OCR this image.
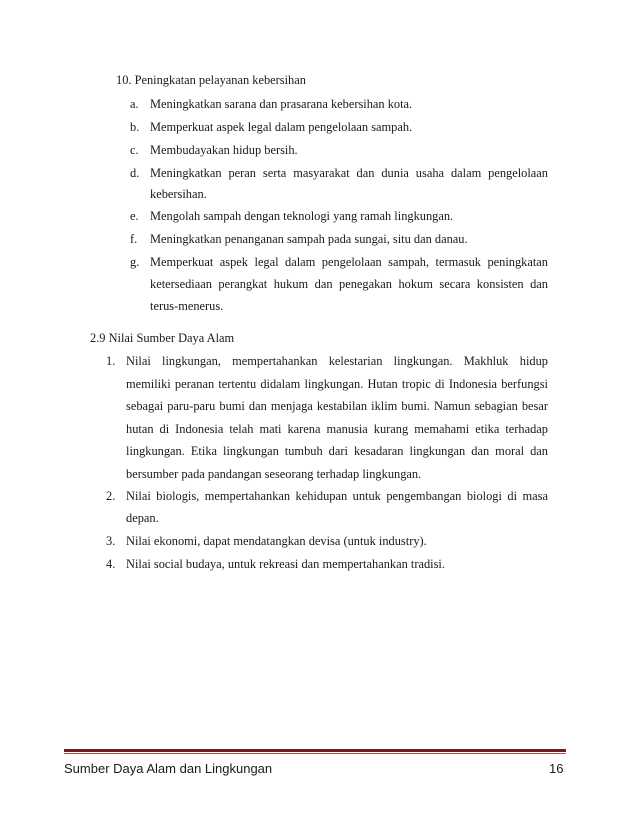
10. Peningkatan pelayanan kebersihan
a. Meningkatkan sarana dan prasarana kebersihan kota.
b. Memperkuat aspek legal dalam pengelolaan sampah.
c. Membudayakan hidup bersih.
d. Meningkatkan peran serta masyarakat dan dunia usaha dalam pengelolaan
kebersihan.
e. Mengolah sampah dengan teknologi yang ramah lingkungan.
f. Meningkatkan penanganan sampah pada sungai, situ dan danau.
g. Memperkuat aspek legal dalam pengelolaan sampah, termasuk peningkatan
ketersediaan perangkat hukum dan penegakan hokum secara konsisten dan
terus-menerus.
2.9 Nilai Sumber Daya Alam
1. Nilai lingkungan, mempertahankan kelestarian lingkungan. Makhluk hidup
memiliki peranan tertentu didalam lingkungan. Hutan tropic di Indonesia berfungsi
sebagai paru-paru bumi dan menjaga kestabilan iklim bumi. Namun sebagian besar
hutan di Indonesia telah mati karena manusia kurang memahami etika terhadap
lingkungan. Etika lingkungan tumbuh dari kesadaran lingkungan dan moral dan
bersumber pada pandangan seseorang terhadap lingkungan.
2. Nilai biologis, mempertahankan kehidupan untuk pengembangan biologi di masa
depan.
3. Nilai ekonomi, dapat mendatangkan devisa (untuk industry).
4. Nilai social budaya, untuk rekreasi dan mempertahankan tradisi.
Sumber Daya Alam dan Lingkungan	16
